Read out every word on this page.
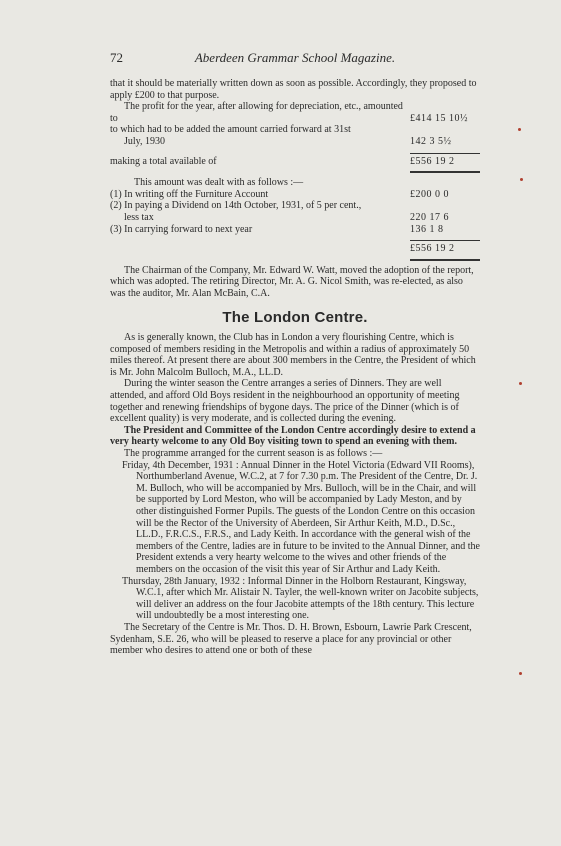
72	Aberdeen Grammar School Magazine.

that it should be materially written down as soon as possible. Accordingly, they proposed to apply £200 to that purpose.

The profit for the year, after allowing for depreciation, etc., amounted to	£414 15 10½
to which had to be added the amount carried forward at 31st
July, 1930	142 3 5½
making a total available of	£556 19 2

This amount was dealt with as follows :—

(1) In writing off the Furniture Account	£200 0 0
(2) In paying a Dividend on 14th October, 1931, of 5 per cent.,
less tax	220 17 6
(3) In carrying forward to next year	136 1 8
£556 19 2

The Chairman of the Company, Mr. Edward W. Watt, moved the adoption of the report, which was adopted. The retiring Director, Mr. A. G. Nicol Smith, was re-elected, as also was the auditor, Mr. Alan McBain, C.A.

The London Centre.

As is generally known, the Club has in London a very flourishing Centre, which is composed of members residing in the Metropolis and within a radius of approximately 50 miles thereof. At present there are about 300 members in the Centre, the President of which is Mr. John Malcolm Bulloch, M.A., LL.D.

During the winter season the Centre arranges a series of Dinners. They are well attended, and afford Old Boys resident in the neighbourhood an opportunity of meeting together and renewing friendships of bygone days. The price of the Dinner (which is of excellent quality) is very moderate, and is collected during the evening.

The President and Committee of the London Centre accordingly desire to extend a very hearty welcome to any Old Boy visiting town to spend an evening with them.

The programme arranged for the current season is as follows :—

Friday, 4th December, 1931 : Annual Dinner in the Hotel Victoria (Edward VII Rooms), Northumberland Avenue, W.C.2, at 7 for 7.30 p.m. The President of the Centre, Dr. J. M. Bulloch, who will be accompanied by Mrs. Bulloch, will be in the Chair, and will be supported by Lord Meston, who will be accompanied by Lady Meston, and by other distinguished Former Pupils. The guests of the London Centre on this occasion will be the Rector of the University of Aberdeen, Sir Arthur Keith, M.D., D.Sc., LL.D., F.R.C.S., F.R.S., and Lady Keith. In accordance with the general wish of the members of the Centre, ladies are in future to be invited to the Annual Dinner, and the President extends a very hearty welcome to the wives and other friends of the members on the occasion of the visit this year of Sir Arthur and Lady Keith.

Thursday, 28th January, 1932 : Informal Dinner in the Holborn Restaurant, Kingsway, W.C.1, after which Mr. Alistair N. Tayler, the well-known writer on Jacobite subjects, will deliver an address on the four Jacobite attempts of the 18th century. This lecture will undoubtedly be a most interesting one.

The Secretary of the Centre is Mr. Thos. D. H. Brown, Esbourn, Lawrie Park Crescent, Sydenham, S.E. 26, who will be pleased to reserve a place for any provincial or other member who desires to attend one or both of these
